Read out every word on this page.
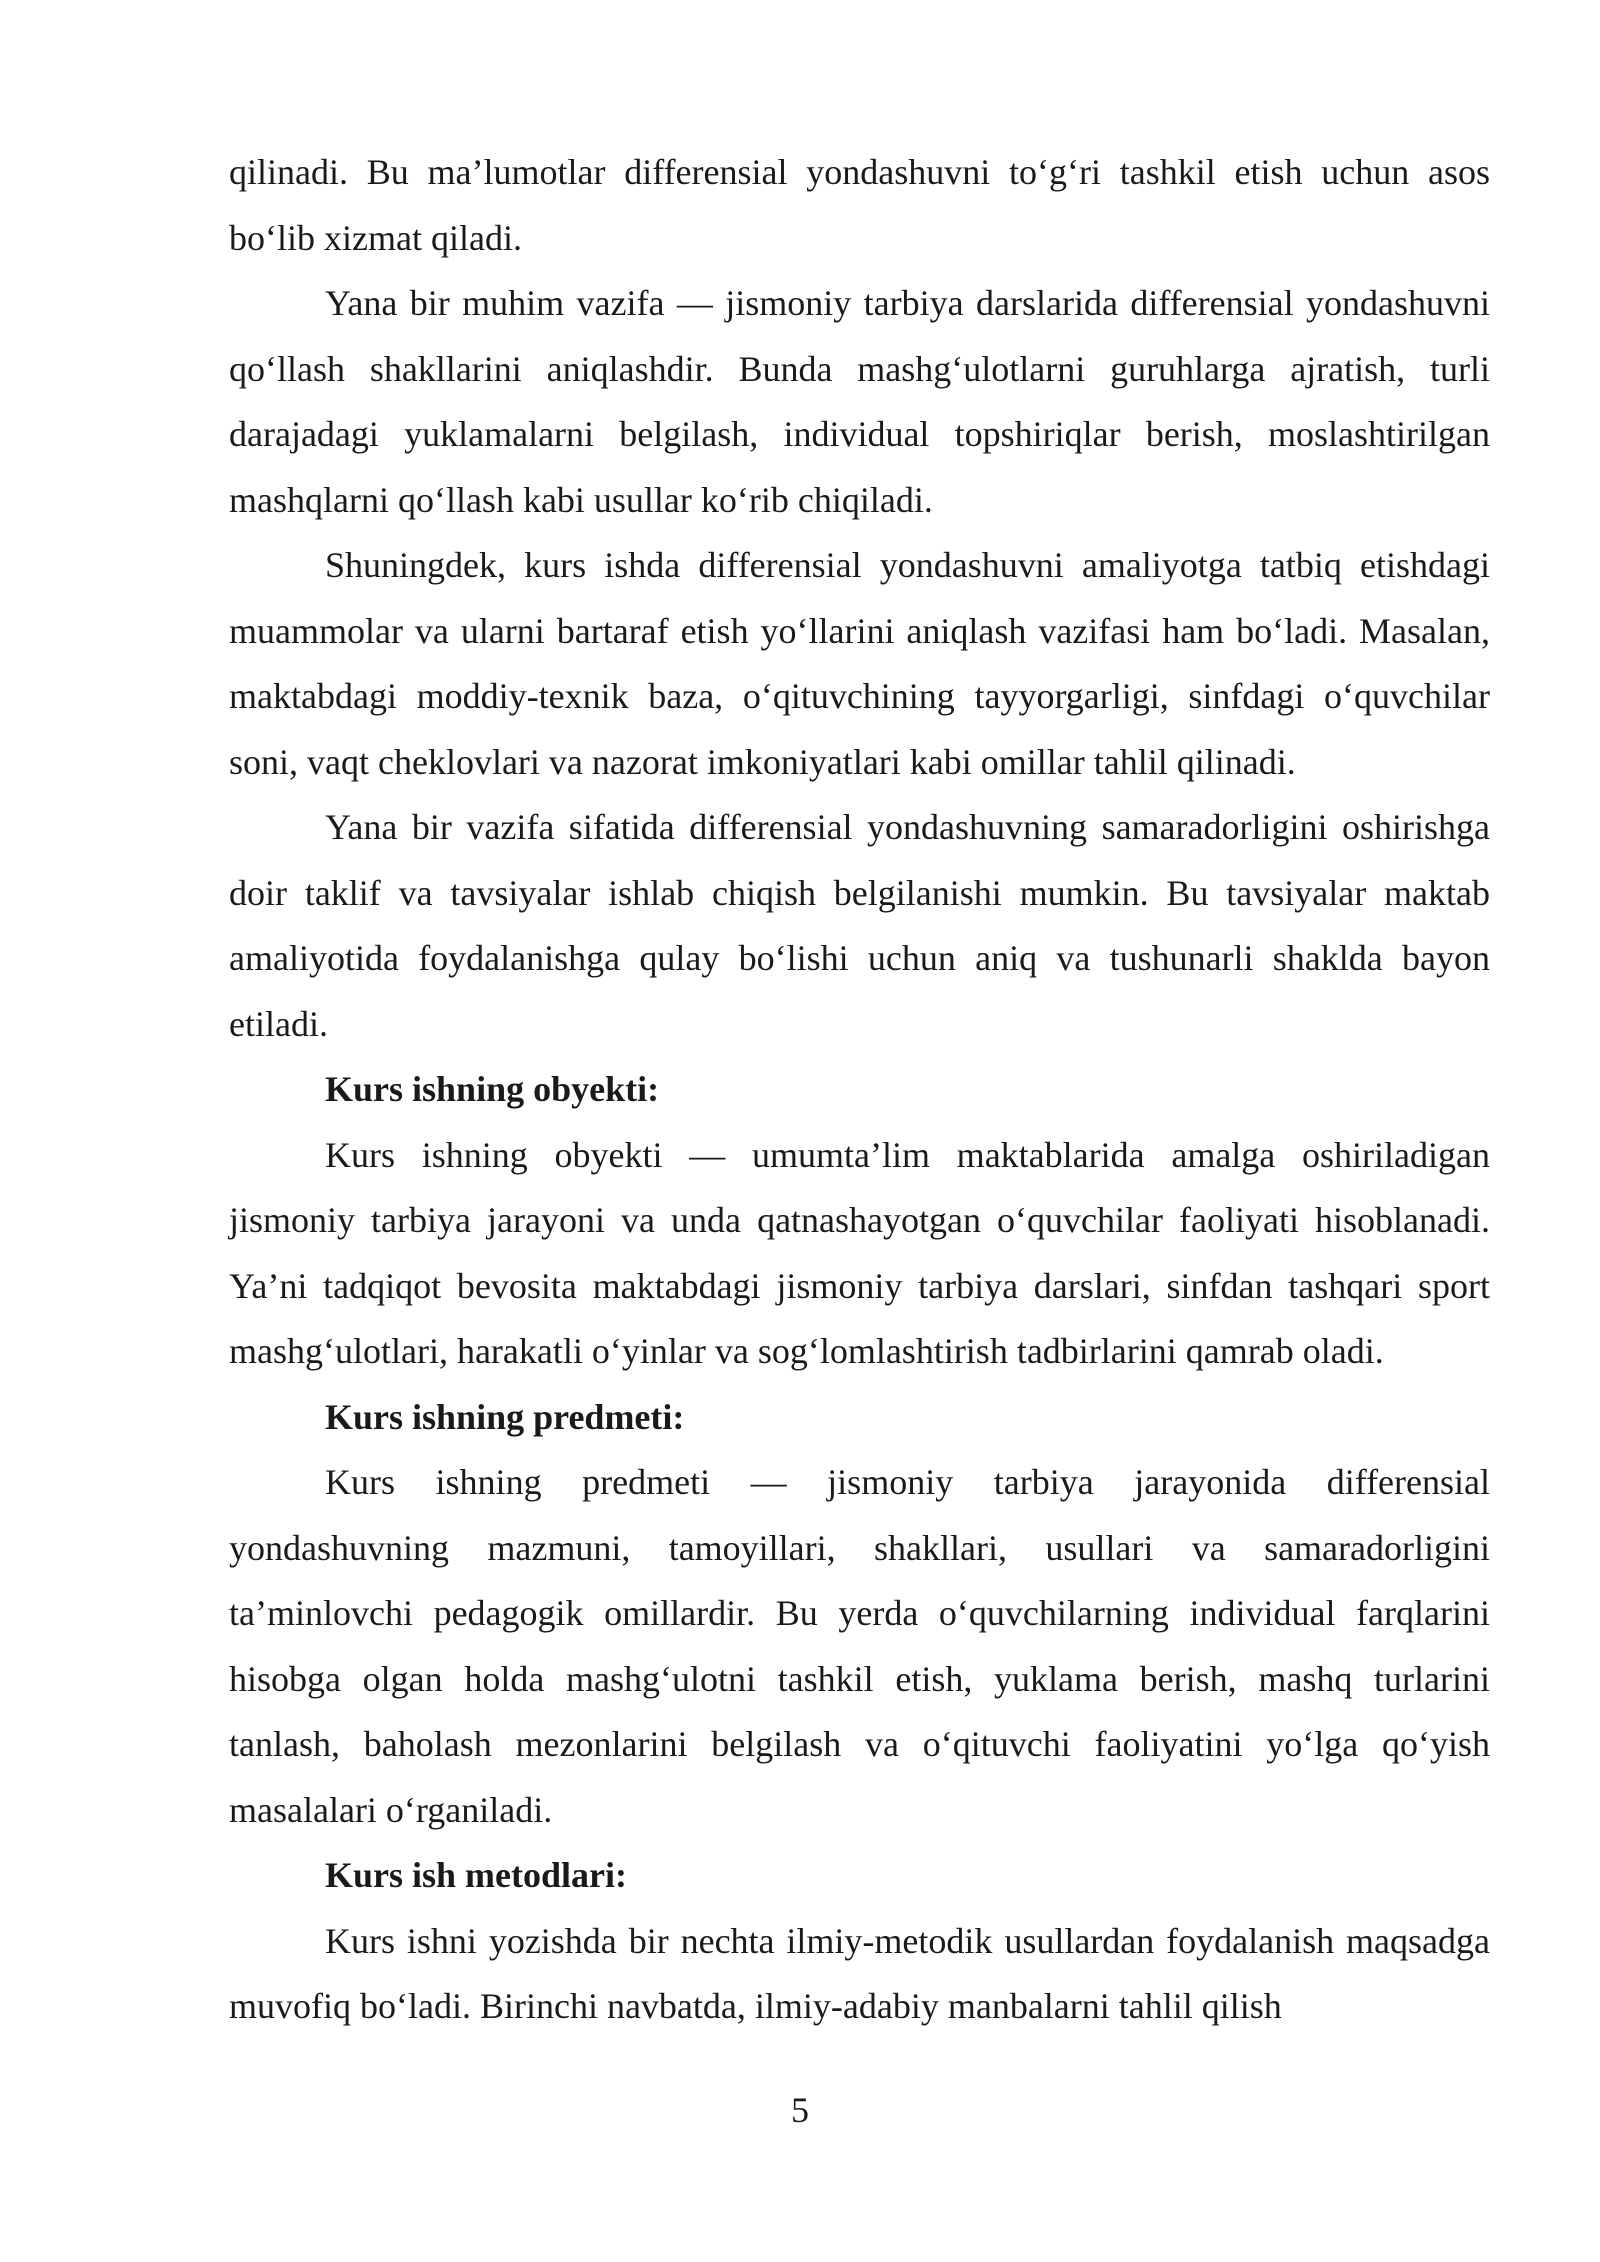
qilinadi. Bu ma’lumotlar differensial yondashuvni to‘g‘ri tashkil etish uchun asos bo‘lib xizmat qiladi.

Yana bir muhim vazifa — jismoniy tarbiya darslarida differensial yondashuvni qo‘llash shakllarini aniqlashdir. Bunda mashg‘ulotlarni guruhlarga ajratish, turli darajadagi yuklamalarni belgilash, individual topshiriqlar berish, moslashtirilgan mashqlarni qo‘llash kabi usullar ko‘rib chiqiladi.

Shuningdek, kurs ishda differensial yondashuvni amaliyotga tatbiq etishdagi muammolar va ularni bartaraf etish yo‘llarini aniqlash vazifasi ham bo‘ladi. Masalan, maktabdagi moddiy-texnik baza, o‘qituvchining tayyorgarligi, sinfdagi o‘quvchilar soni, vaqt cheklovlari va nazorat imkoniyatlari kabi omillar tahlil qilinadi.

Yana bir vazifa sifatida differensial yondashuvning samaradorligini oshirishga doir taklif va tavsiyalar ishlab chiqish belgilanishi mumkin. Bu tavsiyalar maktab amaliyotida foydalanishga qulay bo‘lishi uchun aniq va tushunarli shaklda bayon etiladi.

Kurs ishning obyekti:

Kurs ishning obyekti — umumta’lim maktablarida amalga oshiriladigan jismoniy tarbiya jarayoni va unda qatnashayotgan o‘quvchilar faoliyati hisoblanadi. Ya’ni tadqiqot bevosita maktabdagi jismoniy tarbiya darslari, sinfdan tashqari sport mashg‘ulotlari, harakatli o‘yinlar va sog‘lomlashtirish tadbirlarini qamrab oladi.

Kurs ishning predmeti:

Kurs ishning predmeti — jismoniy tarbiya jarayonida differensial yondashuvning mazmuni, tamoyillari, shakllari, usullari va samaradorligini ta’minlovchi pedagogik omillardir. Bu yerda o‘quvchilarning individual farqlarini hisobga olgan holda mashg‘ulotni tashkil etish, yuklama berish, mashq turlarini tanlash, baholash mezonlarini belgilash va o‘qituvchi faoliyatini yo‘lga qo‘yish masalalari o‘rganiladi.

Kurs ish metodlari:

Kurs ishni yozishda bir nechta ilmiy-metodik usullardan foydalanish maqsadga muvofiq bo‘ladi. Birinchi navbatda, ilmiy-adabiy manbalarni tahlil qilish

5
